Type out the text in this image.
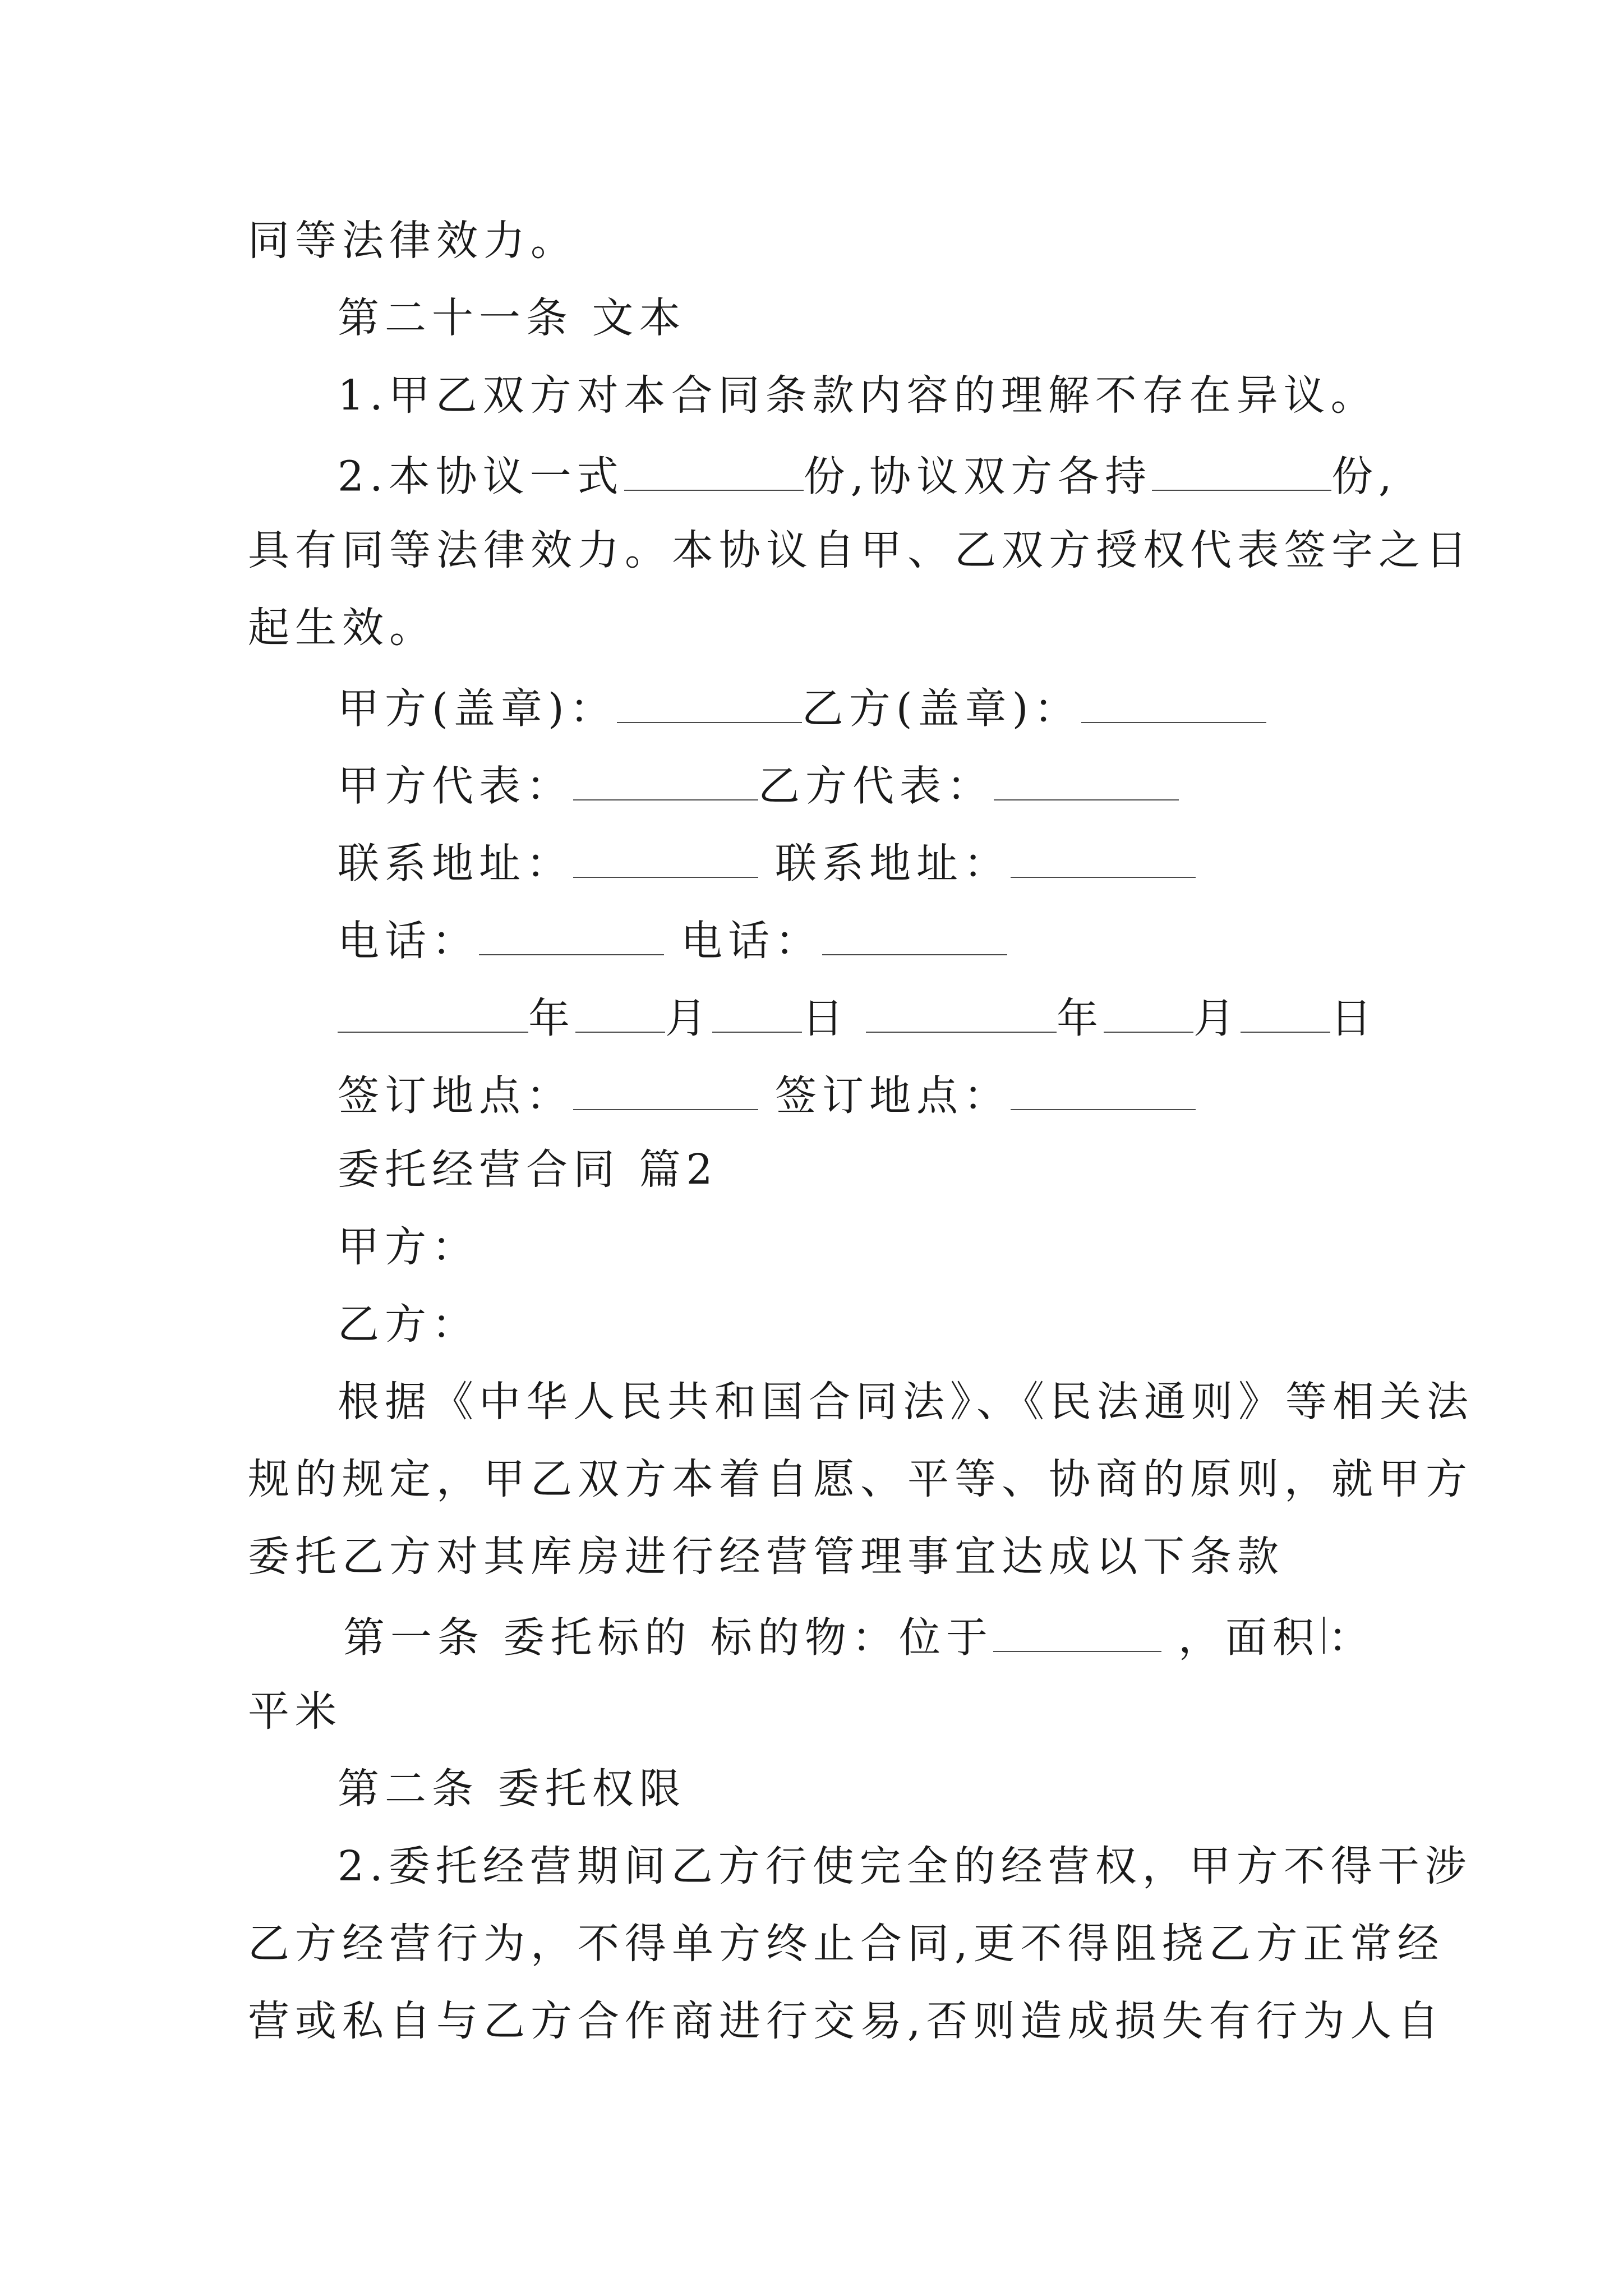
同等法律效力。
第二十一条 文本
1.甲乙双方对本合同条款内容的理解不存在异议。
2.本协议一式	份,协议双方各持	份,
具有同等法律效力。本协议自甲、乙双方授权代表签字之日
起生效。
甲方(盖章)：	乙方(盖章)：
甲方代表：	乙方代表：
联系地址：	联系地址：
电话：	电话：
年 月 日	年 月 日
签订地点：	签订地点：
委托经营合同 篇2
甲方：
乙方：
根据《中华人民共和国合同法》、《民法通则》等相关法
规的规定，甲乙双方本着自愿、平等、协商的原则，就甲方
委托乙方对其库房进行经营管理事宜达成以下条款
第一条 委托标的 标的物：位于	，面积 ：
平米
第二条 委托权限
2.委托经营期间乙方行使完全的经营权，甲方不得干涉
乙方经营行为，不得单方终止合同,更不得阻挠乙方正常经
营或私自与乙方合作商进行交易,否则造成损失有行为人自
